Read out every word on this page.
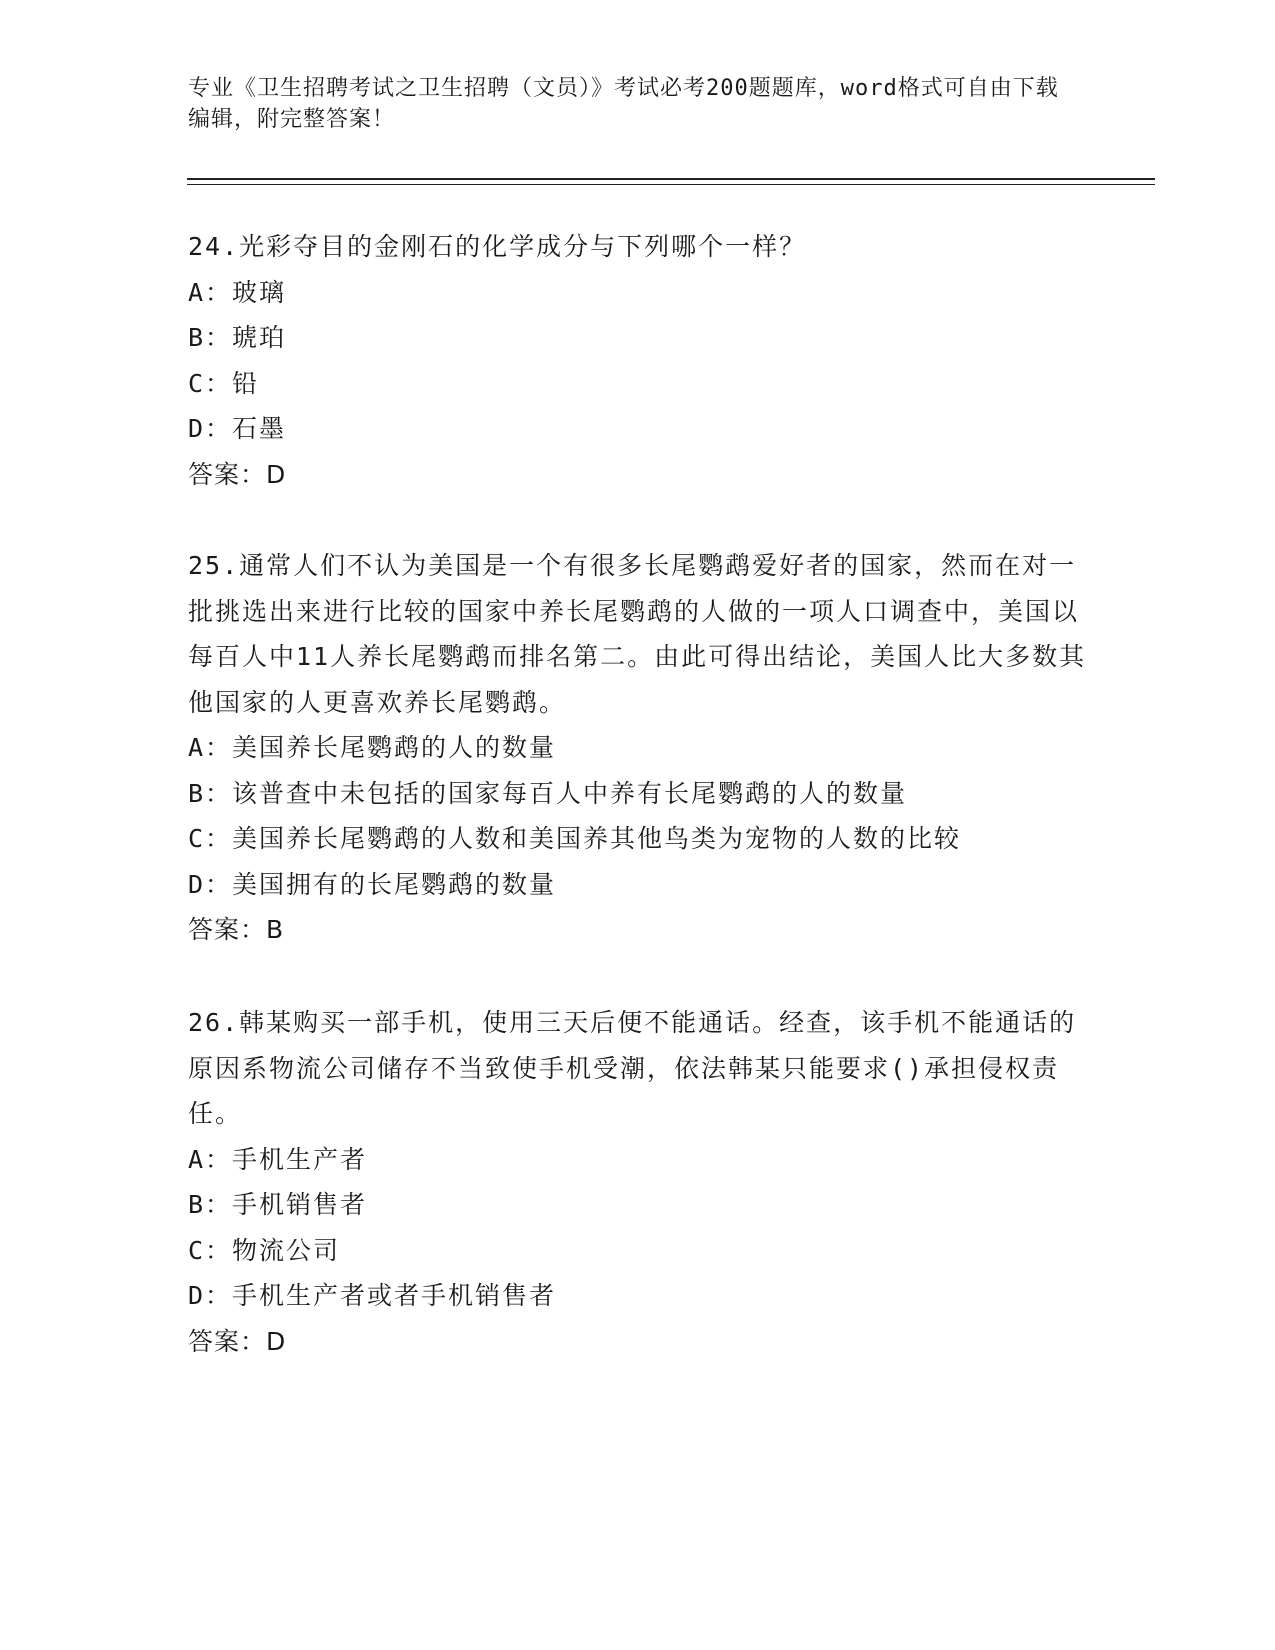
专业《卫生招聘考试之卫生招聘（文员）》考试必考200题题库，word格式可自由下载编辑，附完整答案！

24.光彩夺目的金刚石的化学成分与下列哪个一样？

A：玻璃

B：琥珀

C：铅

D：石墨

答案：D

25.通常人们不认为美国是一个有很多长尾鹦鹉爱好者的国家，然而在对一批挑选出来进行比较的国家中养长尾鹦鹉的人做的一项人口调查中，美国以每百人中11人养长尾鹦鹉而排名第二。由此可得出结论，美国人比大多数其他国家的人更喜欢养长尾鹦鹉。

A：美国养长尾鹦鹉的人的数量

B：该普查中未包括的国家每百人中养有长尾鹦鹉的人的数量

C：美国养长尾鹦鹉的人数和美国养其他鸟类为宠物的人数的比较

D：美国拥有的长尾鹦鹉的数量

答案：B

26.韩某购买一部手机，使用三天后便不能通话。经查，该手机不能通话的原因系物流公司储存不当致使手机受潮，依法韩某只能要求()承担侵权责任。

A：手机生产者

B：手机销售者

C：物流公司

D：手机生产者或者手机销售者

答案：D
